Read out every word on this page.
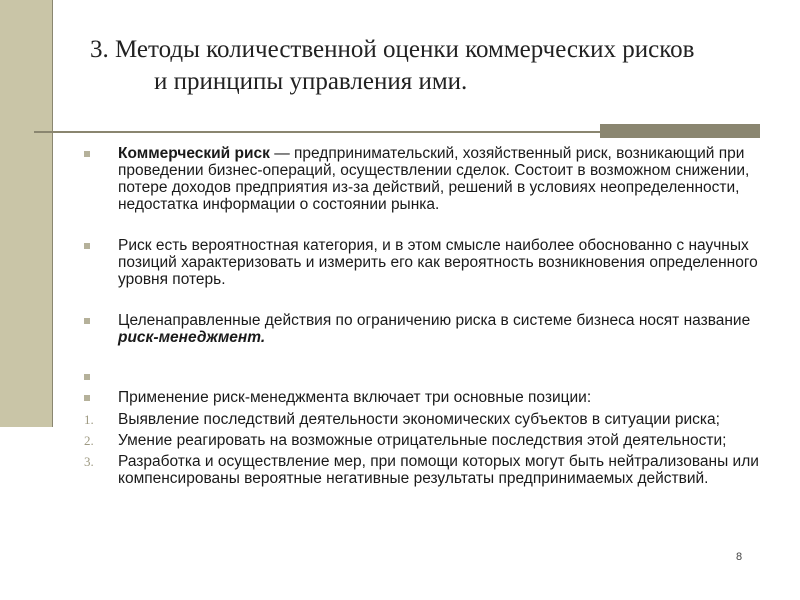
3. Методы количественной оценки коммерческих рисков
и принципы управления ими.
Коммерческий риск — предпринимательский, хозяйственный риск, возникающий при проведении бизнес-операций, осуществлении сделок. Состоит в возможном снижении, потере доходов предприятия из-за действий, решений в условиях неопределенности, недостатка информации о состоянии рынка.
Риск есть вероятностная категория, и в этом смысле наиболее обоснованно с научных позиций характеризовать и измерить его как вероятность возникновения определенного уровня потерь.
Целенаправленные действия по ограничению риска в системе бизнеса носят название риск-менеджмент.

Применение риск-менеджмента включает три основные позиции:
1.	Выявление последствий деятельности экономических субъектов в ситуации риска;
2.	Умение реагировать на возможные отрицательные последствия этой деятельности;
3.	Разработка и осуществление мер, при помощи которых могут быть нейтрализованы или компенсированы вероятные негативные результаты предпринимаемых действий.
8
